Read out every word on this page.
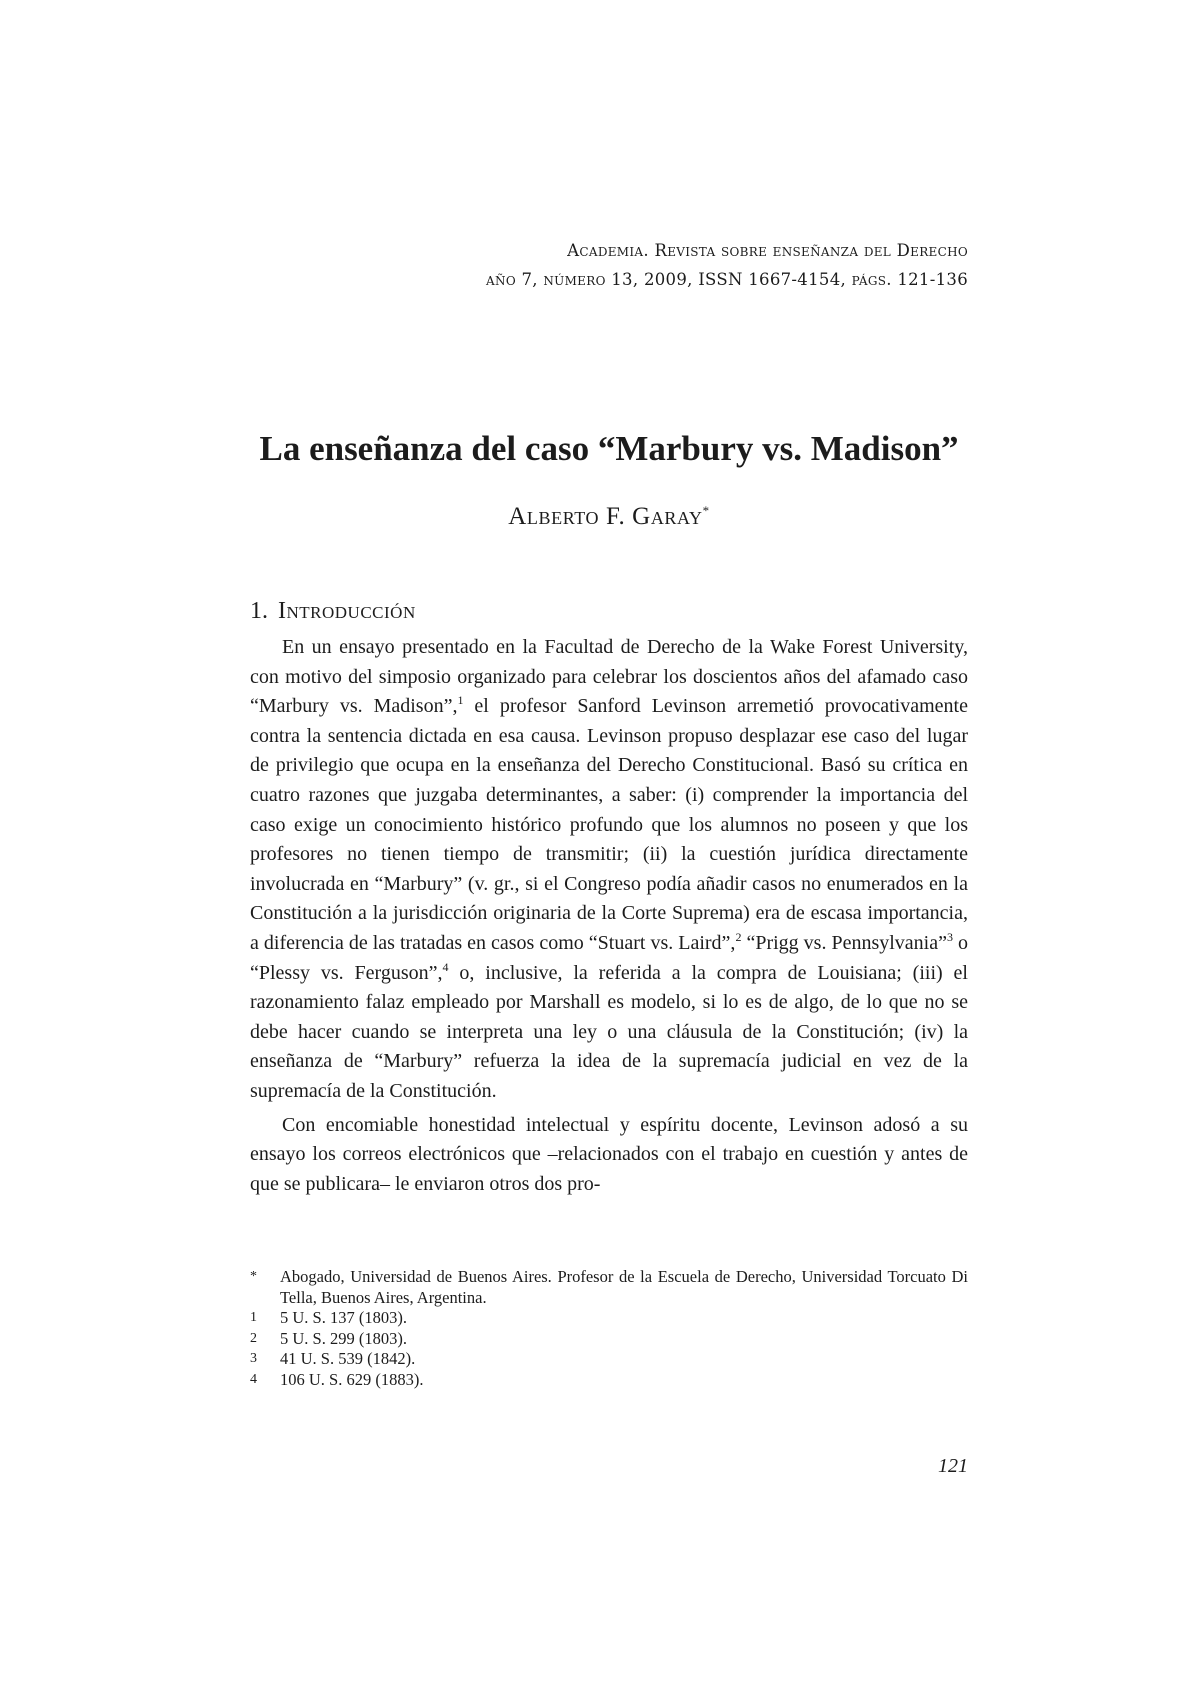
Academia. Revista sobre enseñanza del Derecho
año 7, número 13, 2009, ISSN 1667-4154, págs. 121-136
La enseñanza del caso “Marbury vs. Madison”
Alberto F. Garay*
1. Introducción

En un ensayo presentado en la Facultad de Derecho de la Wake Forest University, con motivo del simposio organizado para celebrar los doscientos años del afamado caso “Marbury vs. Madison”,$^1$ el profesor Sanford Levinson arremetió provocativamente contra la sentencia dictada en esa causa. Levinson propuso desplazar ese caso del lugar de privilegio que ocupa en la enseñanza del Derecho Constitucional. Basó su crítica en cuatro razones que juzgaba determinantes, a saber: (i) comprender la importancia del caso exige un conocimiento histórico profundo que los alumnos no poseen y que los profesores no tienen tiempo de transmitir; (ii) la cuestión jurídica directamente involucrada en “Marbury” (v. gr., si el Congreso podía añadir casos no enumerados en la Constitución a la jurisdicción originaria de la Corte Suprema) era de escasa importancia, a diferencia de las tratadas en casos como “Stuart vs. Laird”,$^2$ “Prigg vs. Pennsylvania”$^3$ o “Plessy vs. Ferguson”,$^4$ o, inclusive, la referida a la compra de Louisiana; (iii) el razonamiento falaz empleado por Marshall es modelo, si lo es de algo, de lo que no se debe hacer cuando se interpreta una ley o una cláusula de la Constitución; (iv) la enseñanza de “Marbury” refuerza la idea de la supremacía judicial en vez de la supremacía de la Constitución.

Con encomiable honestidad intelectual y espíritu docente, Levinson adosó a su ensayo los correos electrónicos que –relacionados con el trabajo en cuestión y antes de que se publicara– le enviaron otros dos pro-

*	Abogado, Universidad de Buenos Aires. Profesor de la Escuela de Derecho, Universidad Torcuato Di Tella, Buenos Aires, Argentina.
1	5 U. S. 137 (1803).
2	5 U. S. 299 (1803).
3	41 U. S. 539 (1842).
4	106 U. S. 629 (1883).
121
